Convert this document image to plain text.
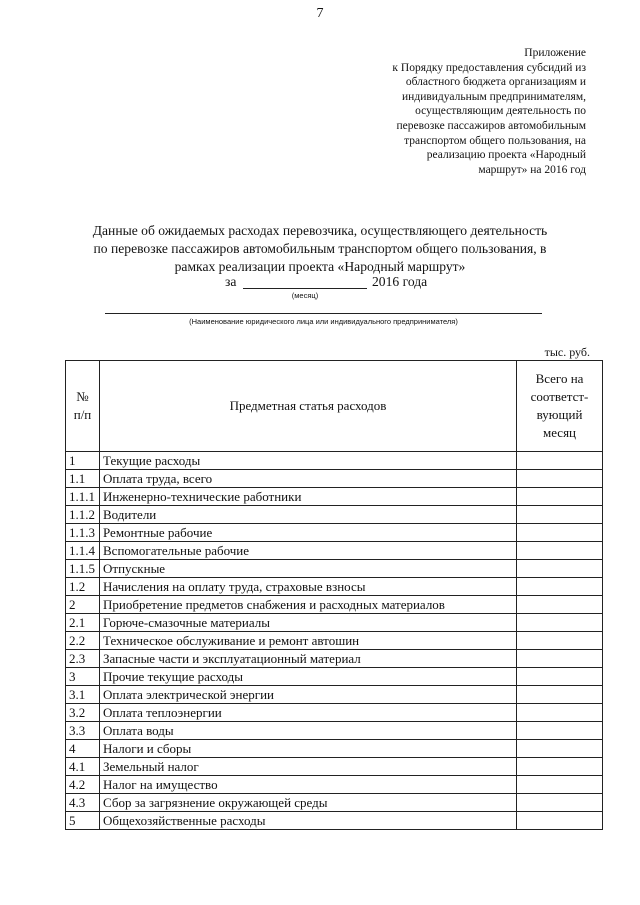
7
Приложение
к Порядку предоставления субсидий из
областного бюджета организациям и
индивидуальным предпринимателям,
осуществляющим деятельность по
перевозке пассажиров автомобильным
транспортом общего пользования, на
реализацию проекта «Народный
маршрут» на 2016 год
Данные об ожидаемых расходах перевозчика, осуществляющего деятельность
по перевозке пассажиров автомобильным транспортом общего пользования, в
рамках реализации проекта «Народный маршрут»
за	2016 года
(месяц)
(Наименование юридического лица или индивидуального предпринимателя)
тыс. руб.
№ п/п	Предметная статья расходов	Всего на соответст-вующий месяц

1	Текущие расходы	
1.1	Оплата труда, всего	
1.1.1	Инженерно-технические работники	
1.1.2	Водители	
1.1.3	Ремонтные рабочие	
1.1.4	Вспомогательные рабочие	
1.1.5	Отпускные	
1.2	Начисления на оплату труда, страховые взносы	
2	Приобретение предметов снабжения и расходных материалов	
2.1	Горюче-смазочные материалы	
2.2	Техническое обслуживание и ремонт автошин	
2.3	Запасные части и эксплуатационный материал	
3	Прочие текущие расходы	
3.1	Оплата электрической энергии	
3.2	Оплата теплоэнергии	
3.3	Оплата воды	
4	Налоги и сборы	
4.1	Земельный налог	
4.2	Налог на имущество	
4.3	Сбор за загрязнение окружающей среды	
5	Общехозяйственные расходы	
